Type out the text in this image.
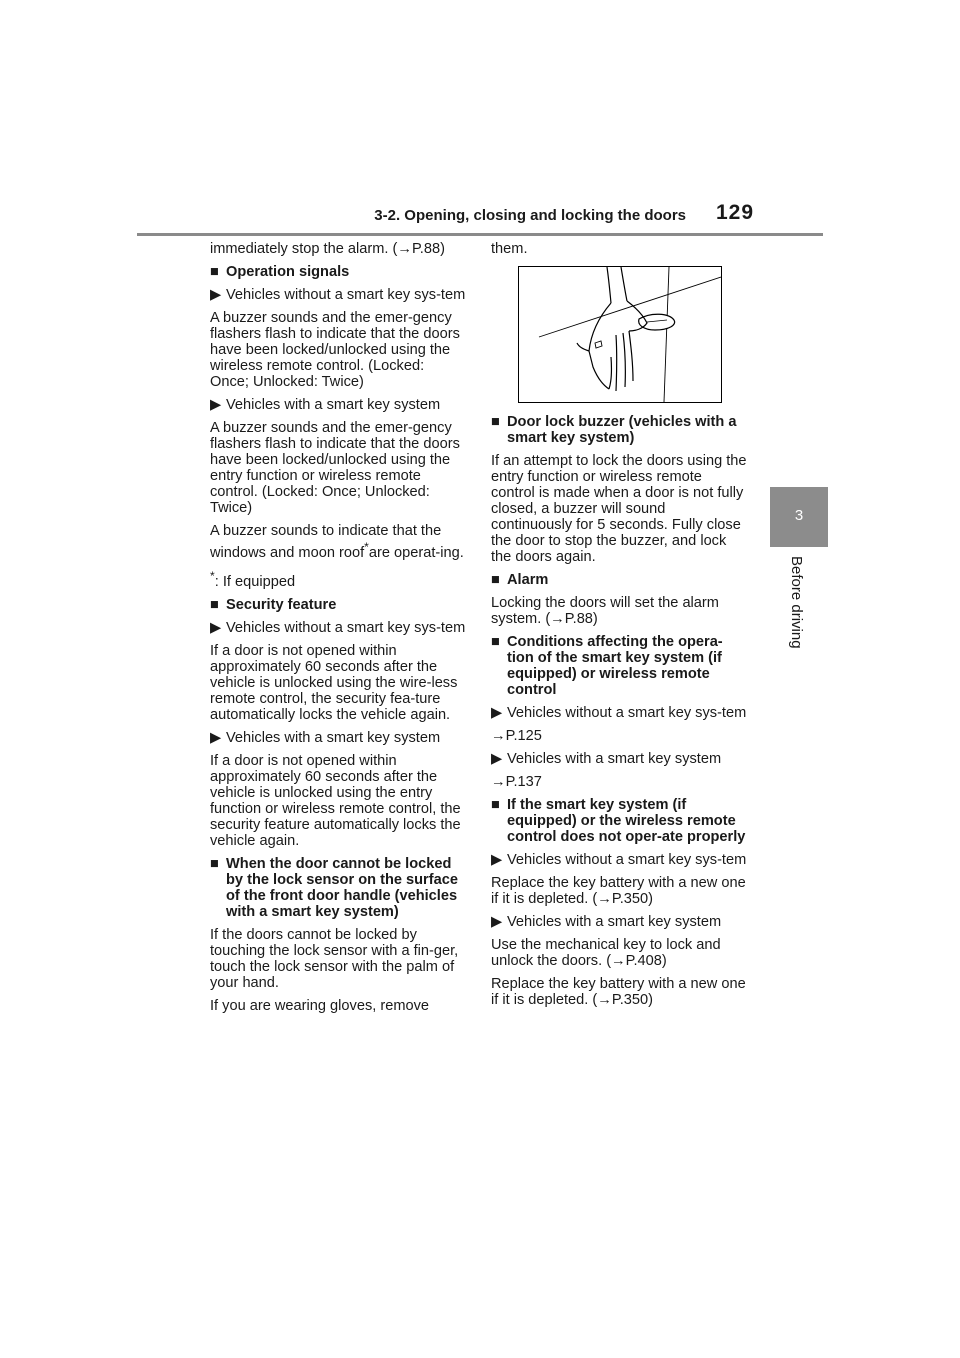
3-2. Opening, closing and locking the doors 129
3
Before driving

immediately stop the alarm. (→P.88)

■ Operation signals

▶ Vehicles without a smart key sys-tem

A buzzer sounds and the emer-gency flashers flash to indicate that the doors have been locked/unlocked using the wireless remote control. (Locked: Once; Unlocked: Twice)

▶ Vehicles with a smart key system

A buzzer sounds and the emer-gency flashers flash to indicate that the doors have been locked/unlocked using the entry function or wireless remote control. (Locked: Once; Unlocked: Twice)

A buzzer sounds to indicate that the windows and moon roof*are operat-ing.

*: If equipped

■ Security feature

▶ Vehicles without a smart key sys-tem

If a door is not opened within approximately 60 seconds after the vehicle is unlocked using the wire-less remote control, the security fea-ture automatically locks the vehicle again.

▶ Vehicles with a smart key system

If a door is not opened within approximately 60 seconds after the vehicle is unlocked using the entry function or wireless remote control, the security feature automatically locks the vehicle again.

■ When the door cannot be locked by the lock sensor on the surface of the front door handle (vehicles with a smart key system)

If the doors cannot be locked by touching the lock sensor with a fin-ger, touch the lock sensor with the palm of your hand.

If you are wearing gloves, remove

them.

■ Door lock buzzer (vehicles with a smart key system)

If an attempt to lock the doors using the entry function or wireless remote control is made when a door is not fully closed, a buzzer will sound continuously for 5 seconds. Fully close the door to stop the buzzer, and lock the doors again.

■ Alarm

Locking the doors will set the alarm system. (→P.88)

■ Conditions affecting the opera-tion of the smart key system (if equipped) or wireless remote control

▶ Vehicles without a smart key sys-tem

→P.125

▶ Vehicles with a smart key system

→P.137

■ If the smart key system (if equipped) or the wireless remote control does not oper-ate properly

▶ Vehicles without a smart key sys-tem

Replace the key battery with a new one if it is depleted. (→P.350)

▶ Vehicles with a smart key system

Use the mechanical key to lock and unlock the doors. (→P.408)

Replace the key battery with a new one if it is depleted. (→P.350)
